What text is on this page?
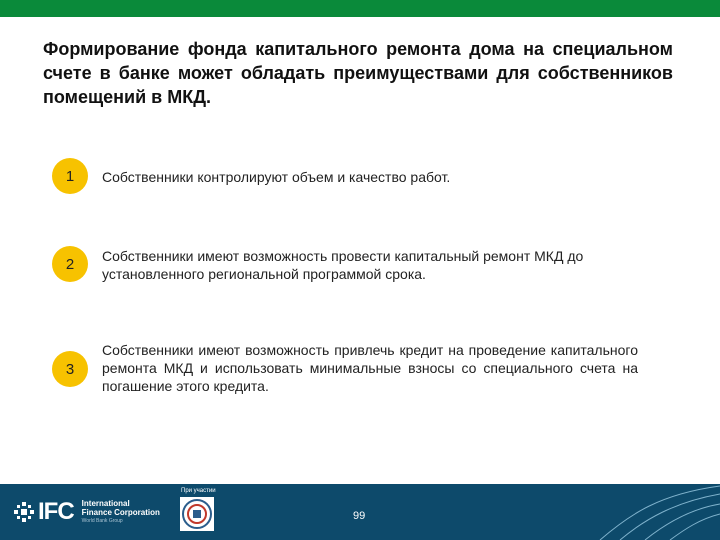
Формирование фонда капитального ремонта дома на специальном счете в банке может обладать преимуществами для собственников помещений в МКД.
1	Собственники контролируют объем и качество работ.
2	Собственники имеют возможность провести капитальный ремонт МКД до установленного региональной программой срока.
3
Собственники имеют возможность привлечь кредит на проведение капитального ремонта МКД и использовать минимальные взносы со специального счета на погашение этого кредита.
IFC International
Finance Corporation
World Bank Group
При участии
99
